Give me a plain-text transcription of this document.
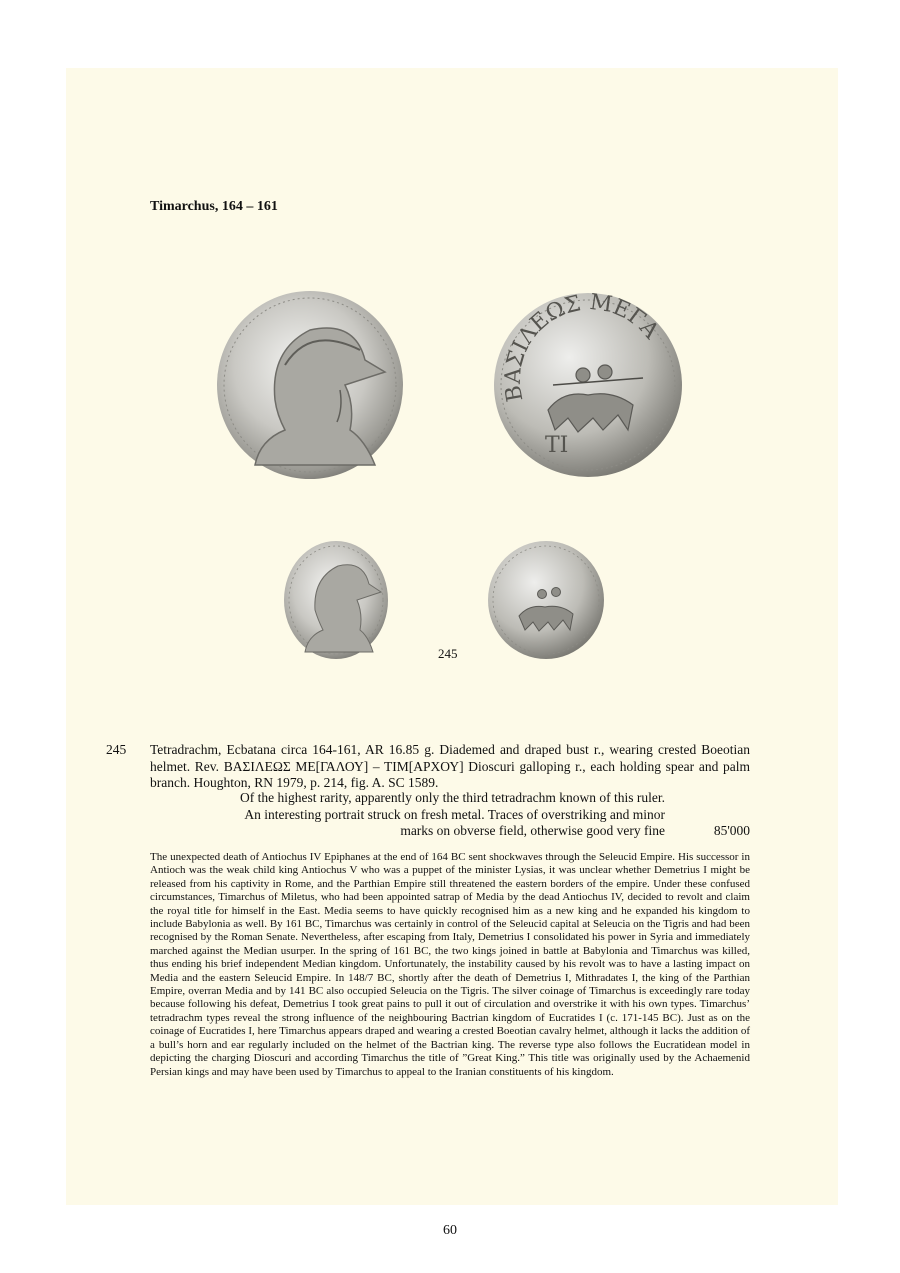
Timarchus, 164 – 161
ΒΑΣΙΛΕΩΣ ΜΕΓΑ
ΤΙ
245
245 Tetradrachm, Ecbatana circa 164-161, AR 16.85 g. Diademed and draped bust r., wearing crested Boeotian helmet. Rev. ΒΑΣΙΛΕΩΣ ΜΕ[ΓΑΛΟΥ] – ΤΙΜ[ΑΡΧΟΥ] Dioscuri galloping r., each holding spear and palm branch. Houghton, RN 1979, p. 214, fig. A. SC 1589.

Of the highest rarity, apparently only the third tetradrachm known of this ruler.
An interesting portrait struck on fresh metal. Traces of overstriking and minor
marks on obverse field, otherwise good very fine	85'000
The unexpected death of Antiochus IV Epiphanes at the end of 164 BC sent shockwaves through the Seleucid Empire. His successor in Antioch was the weak child king Antiochus V who was a puppet of the minister Lysias, it was unclear whether Demetrius I might be released from his captivity in Rome, and the Parthian Empire still threatened the eastern borders of the empire. Under these confused circumstances, Timarchus of Miletus, who had been appointed satrap of Media by the dead Antiochus IV, decided to revolt and claim the royal title for himself in the East. Media seems to have quickly recognised him as a new king and he expanded his kingdom to include Babylonia as well. By 161 BC, Timarchus was certainly in control of the Seleucid capital at Seleucia on the Tigris and had been recognised by the Roman Senate. Nevertheless, after escaping from Italy, Demetrius I consolidated his power in Syria and immediately marched against the Median usurper. In the spring of 161 BC, the two kings joined in battle at Babylonia and Timarchus was killed, thus ending his brief independent Median kingdom. Unfortunately, the instability caused by his revolt was to have a lasting impact on Media and the eastern Seleucid Empire. In 148/7 BC, shortly after the death of Demetrius I, Mithradates I, the king of the Parthian Empire, overran Media and by 141 BC also occupied Seleucia on the Tigris. The silver coinage of Timarchus is exceedingly rare today because following his defeat, Demetrius I took great pains to pull it out of circulation and overstrike it with his own types. Timarchus’ tetradrachm types reveal the strong influence of the neighbouring Bactrian kingdom of Eucratides I (c. 171-145 BC). Just as on the coinage of Eucratides I, here Timarchus appears draped and wearing a crested Boeotian cavalry helmet, although it lacks the addition of a bull’s horn and ear regularly included on the helmet of the Bactrian king. The reverse type also follows the Eucratidean model in depicting the charging Dioscuri and according Timarchus the title of ”Great King.” This title was originally used by the Achaemenid Persian kings and may have been used by Timarchus to appeal to the Iranian constituents of his kingdom.
60
